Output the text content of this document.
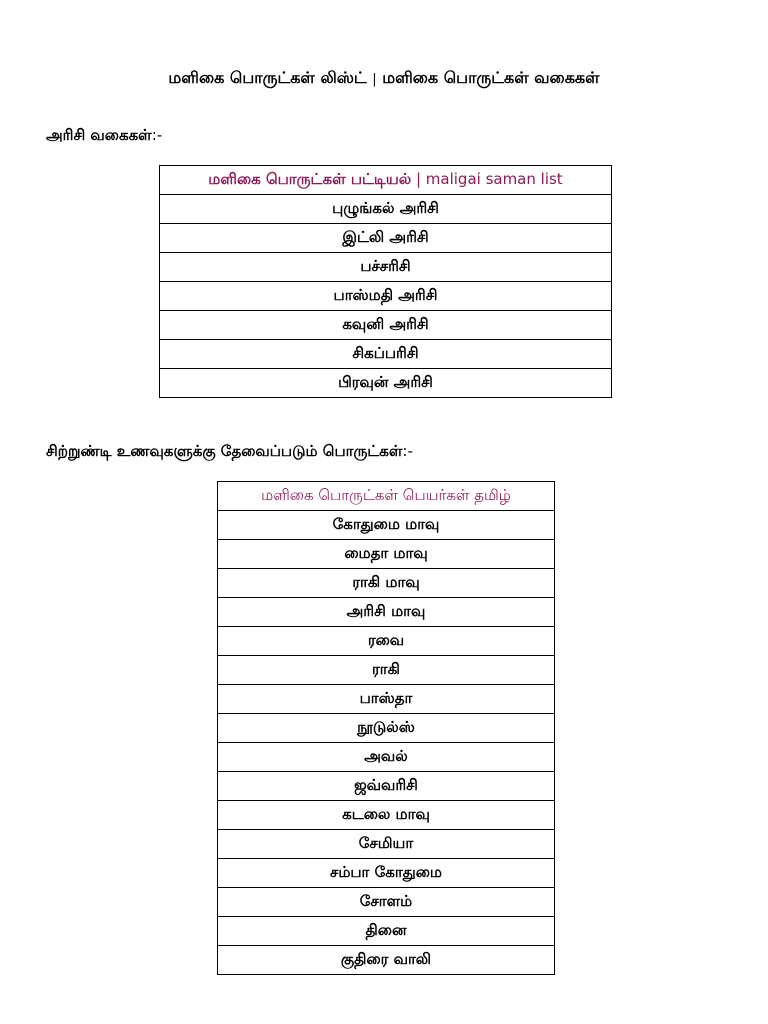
மளிகை பொருட்கள் லிஸ்ட் | மளிகை பொருட்கள் வகைகள்
அரிசி வகைகள்:-
மளிகை பொருட்கள் பட்டியல் | maligai saman list
புழுங்கல் அரிசி
இட்லி அரிசி
பச்சரிசி
பாஸ்மதி அரிசி
கவுனி அரிசி
சிகப்பரிசி
பிரவுன் அரிசி
சிற்றுண்டி உணவுகளுக்கு தேவைப்படும் பொருட்கள்:-
மளிகை பொருட்கள் பெயர்கள் தமிழ்
கோதுமை மாவு
மைதா மாவு
ராகி மாவு
அரிசி மாவு
ரவை
ராகி
பாஸ்தா
நூடுல்ஸ்
அவல்
ஜவ்வரிசி
கடலை மாவு
சேமியா
சம்பா கோதுமை
சோளம்
தினை
குதிரை வாலி
